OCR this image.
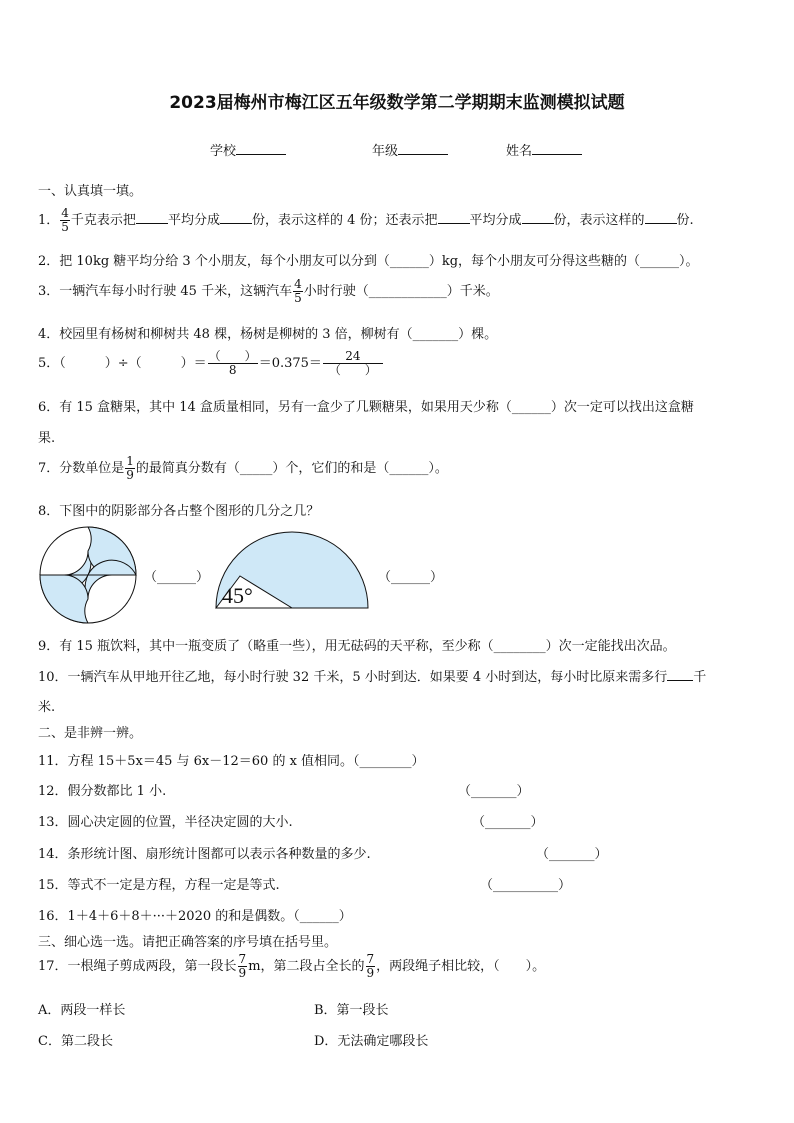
2023届梅州市梅江区五年级数学第二学期期末监测模拟试题
学校	年级	姓名
一、认真填一填。
1． $\frac{4}{5}$ 千克表示把 平均分成 份，表示这样的 4 份；还表示把 平均分成 份，表示这样的 份.
2．把 10kg 糖平均分给 3 个小朋友，每个小朋友可以分到（______）kg，每个小朋友可分得这些糖的（______）。
3．一辆汽车每小时行驶 45 千米，这辆汽车 $\frac{4}{5}$ 小时行驶（____________）千米。
4．校园里有杨树和柳树共 48 棵，杨树是柳树的 3 倍，柳树有（_______）棵。
5．（　　　）÷（　　　）＝ $\frac{( )}{8} =0.375= \frac{24}{( )}$
6．有 15 盒糖果，其中 14 盒质量相同，另有一盒少了几颗糖果，如果用天少称（______）次一定可以找出这盒糖
果.
7．分数单位是 $\frac{1}{9}$ 的最简真分数有（_____）个，它们的和是（______）。
8．下图中的阴影部分各占整个图形的几分之几？
（______）
45°
（______）
9．有 15 瓶饮料，其中一瓶变质了（略重一些），用无砝码的天平称，至少称（________）次一定能找出次品。
10．一辆汽车从甲地开往乙地，每小时行驶 32 千米，5 小时到达．如果要 4 小时到达，每小时比原来需多行 千
米.
二、是非辨一辨。
11．方程 15＋5x＝45 与 6x－12＝60 的 x 值相同。（________）
12．假分数都比 1 小.	（_______）
13．圆心决定圆的位置，半径决定圆的大小.	（_______）
14．条形统计图、扇形统计图都可以表示各种数量的多少.	（_______）
15．等式不一定是方程，方程一定是等式.	（__________）
16．1＋4＋6＋8＋···＋2020 的和是偶数。（______）
三、细心选一选。请把正确答案的序号填在括号里。
17．一根绳子剪成两段，第一段长 $\frac{7}{9}$ m，第二段占全长的 $\frac{7}{9}$ ，两段绳子相比较，（　　）。
A．两段一样长	B．第一段长
C．第二段长	D．无法确定哪段长
